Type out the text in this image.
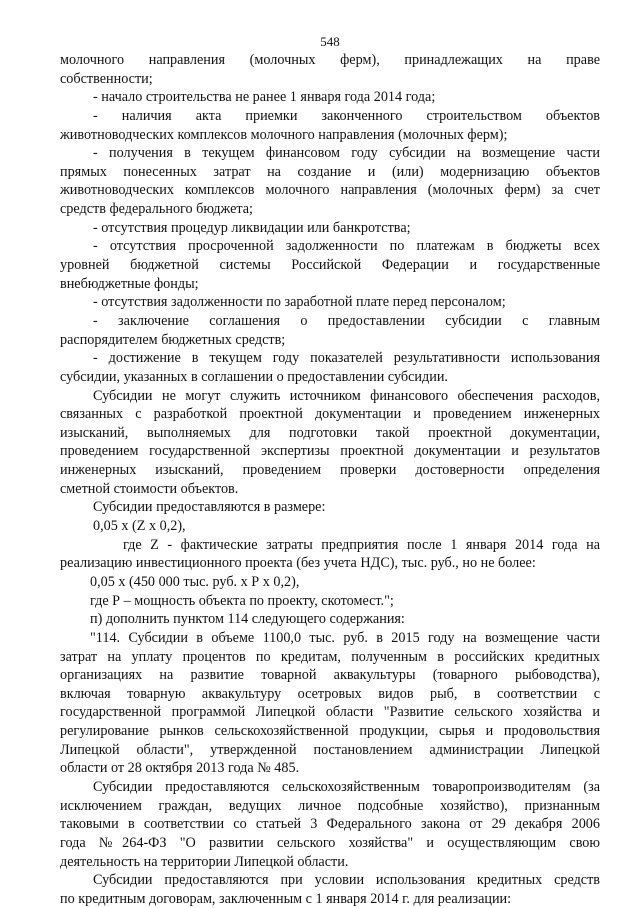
548
молочного направления (молочных ферм), принадлежащих на праве
собственности;
- начало строительства не ранее 1 января года 2014 года;
- наличия акта приемки законченного строительством объектов
животноводческих комплексов молочного направления (молочных ферм);
- получения в текущем финансовом году субсидии на возмещение части
прямых понесенных затрат на создание и (или) модернизацию объектов
животноводческих комплексов молочного направления (молочных ферм) за счет
средств федерального бюджета;
- отсутствия процедур ликвидации или банкротства;
- отсутствия просроченной задолженности по платежам в бюджеты всех
уровней бюджетной системы Российской Федерации и государственные
внебюджетные фонды;
- отсутствия задолженности по заработной плате перед персоналом;
- заключение соглашения о предоставлении субсидии с главным
распорядителем бюджетных средств;
- достижение в текущем году показателей результативности использования
субсидии, указанных в соглашении о предоставлении субсидии.
Субсидии не могут служить источником финансового обеспечения расходов,
связанных с разработкой проектной документации и проведением инженерных
изысканий, выполняемых для подготовки такой проектной документации,
проведением государственной экспертизы проектной документации и результатов
инженерных изысканий, проведением проверки достоверности определения
сметной стоимости объектов.
Субсидии предоставляются в размере:
0,05 х (Z х 0,2),
где Z - фактические затраты предприятия после 1 января 2014 года на
реализацию инвестиционного проекта (без учета НДС), тыс. руб., но не более:
0,05 х (450 000 тыс. руб. х Р х 0,2),
где Р – мощность объекта по проекту, скотомест.";
п) дополнить пунктом 114 следующего содержания:
"114. Субсидии в объеме 1100,0 тыс. руб. в 2015 году на возмещение части
затрат на уплату процентов по кредитам, полученным в российских кредитных
организациях на развитие товарной аквакультуры (товарного рыбоводства),
включая товарную аквакультуру осетровых видов рыб, в соответствии с
государственной программой Липецкой области "Развитие сельского хозяйства и
регулирование рынков сельскохозяйственной продукции, сырья и продовольствия
Липецкой области", утвержденной постановлением администрации Липецкой
области от 28 октября 2013 года № 485.
Субсидии предоставляются сельскохозяйственным товаропроизводителям (за
исключением граждан, ведущих личное подсобные хозяйство), признанным
таковыми в соответствии со статьей 3 Федерального закона от 29 декабря 2006
года №264-ФЗ "О развитии сельского хозяйства" и осуществляющим свою
деятельность на территории Липецкой области.
Субсидии предоставляются при условии использования кредитных средств
по кредитным договорам, заключенным с 1 января 2014 г. для реализации:
